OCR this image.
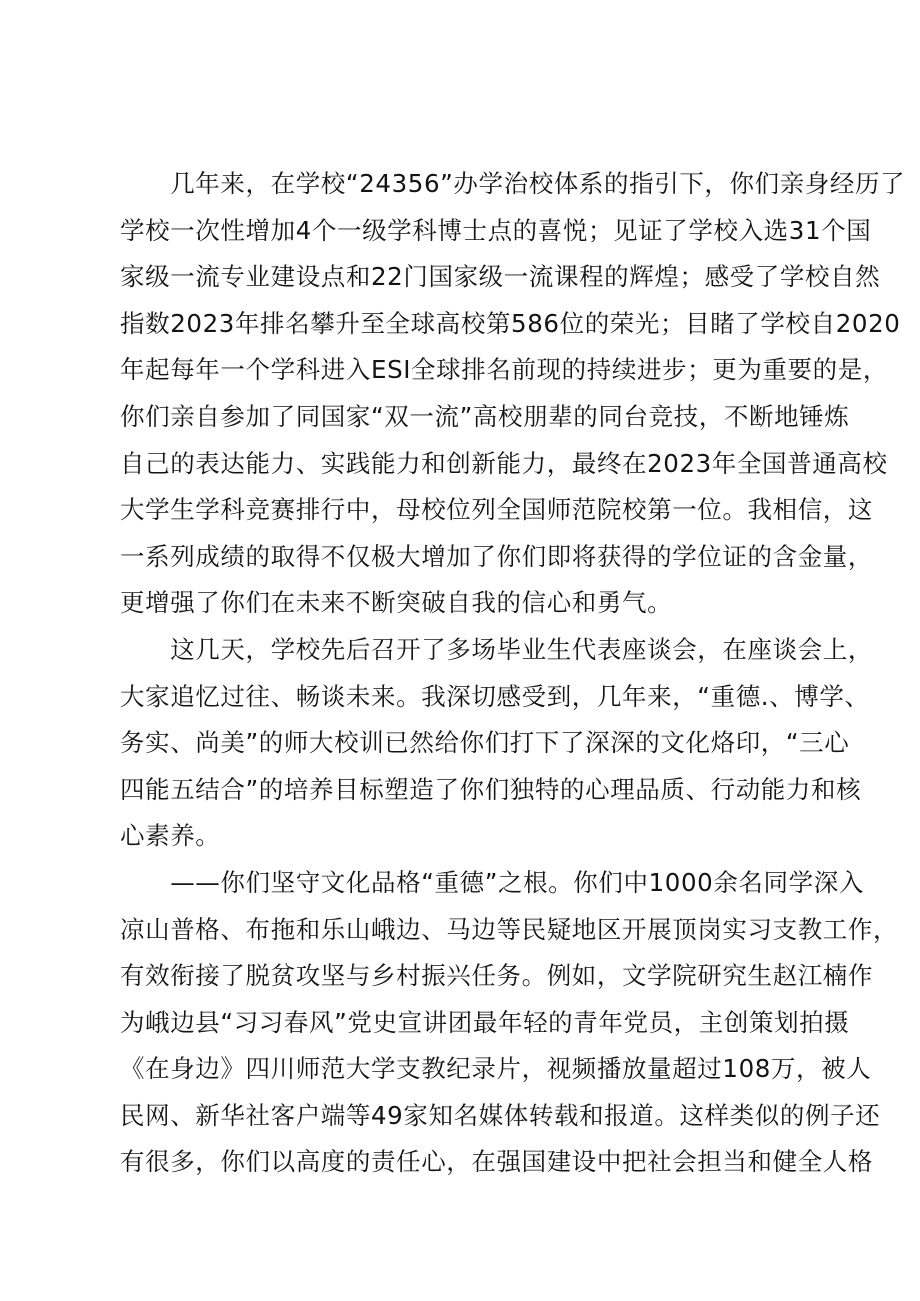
　　几年来，在学校“24356”办学治校体系的指引下，你们亲身经历了
学校一次性增加4个一级学科博士点的喜悦；见证了学校入选31个国
家级一流专业建设点和22门国家级一流课程的辉煌；感受了学校自然
指数2023年排名攀升至全球高校第586位的荣光；目睹了学校自2020
年起每年一个学科进入ESI全球排名前现的持续进步；更为重要的是，
你们亲自参加了同国家“双一流”高校朋辈的同台竞技，不断地锤炼
自己的表达能力、实践能力和创新能力，最终在2023年全国普通高校
大学生学科竞赛排行中，母校位列全国师范院校第一位。我相信，这
一系列成绩的取得不仅极大增加了你们即将获得的学位证的含金量，
更增强了你们在未来不断突破自我的信心和勇气。
　　这几天，学校先后召开了多场毕业生代表座谈会，在座谈会上，
大家追忆过往、畅谈未来。我深切感受到，几年来，“重德.、博学、
务实、尚美”的师大校训已然给你们打下了深深的文化烙印，“三心
四能五结合”的培养目标塑造了你们独特的心理品质、行动能力和核
心素养。
　　——你们坚守文化品格“重德”之根。你们中1000余名同学深入
凉山普格、布拖和乐山峨边、马边等民疑地区开展顶岗实习支教工作，
有效衔接了脱贫攻坚与乡村振兴任务。例如，文学院研究生赵江楠作
为峨边县“习习春风”党史宣讲团最年轻的青年党员，主创策划拍摄
《在身边》四川师范大学支教纪录片，视频播放量超过108万，被人
民网、新华社客户端等49家知名媒体转载和报道。这样类似的例子还
有很多，你们以高度的责任心，在强国建设中把社会担当和健全人格
